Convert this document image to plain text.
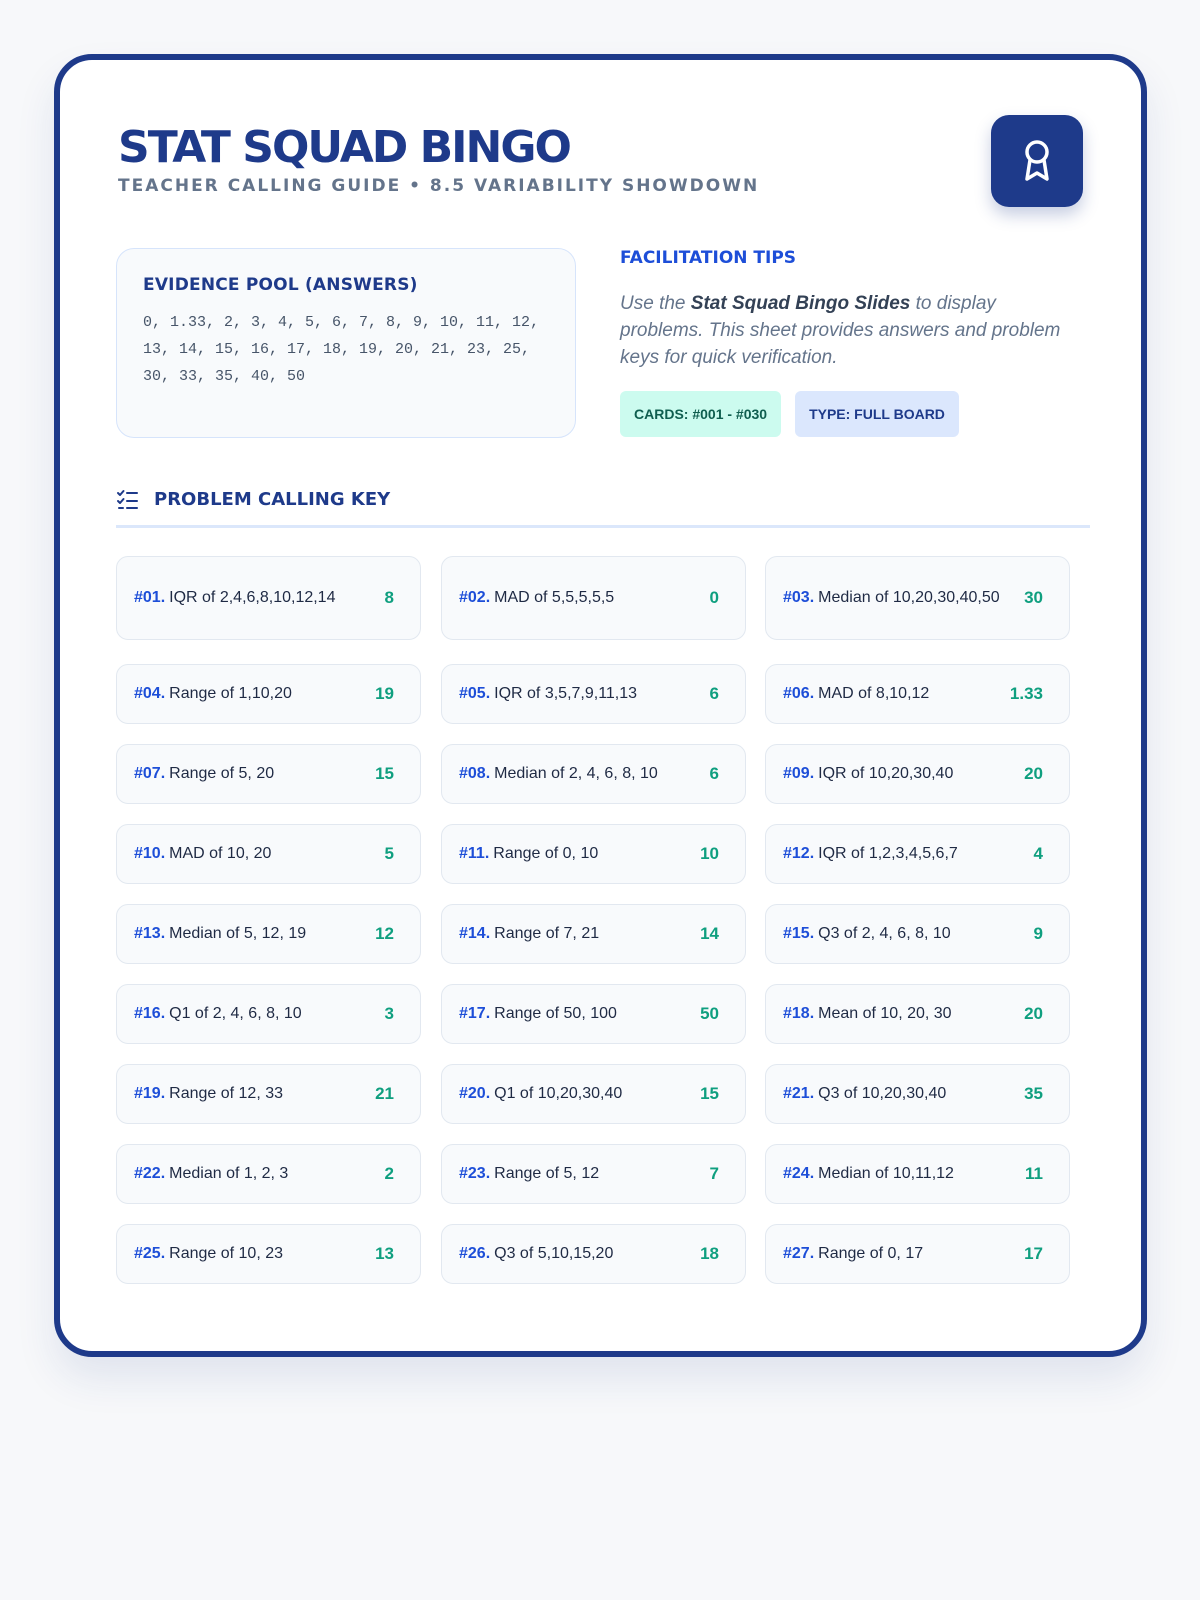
STAT SQUAD BINGO
TEACHER CALLING GUIDE • 8.5 VARIABILITY SHOWDOWN
EVIDENCE POOL (ANSWERS)
0, 1.33, 2, 3, 4, 5, 6, 7, 8, 9, 10, 11, 12, 13, 14, 15, 16, 17, 18, 19, 20, 21, 23, 25, 30, 33, 35, 40, 50
FACILITATION TIPS
Use the Stat Squad Bingo Slides to display problems. This sheet provides answers and problem keys for quick verification.
CARDS: #001 - #030	TYPE: FULL BOARD
PROBLEM CALLING KEY
#01. IQR of 2,4,6,8,10,12,14	8	#02. MAD of 5,5,5,5,5	0	#03. Median of 10,20,30,40,50	30
#04. Range of 1,10,20	19	#05. IQR of 3,5,7,9,11,13	6	#06. MAD of 8,10,12	1.33
#07. Range of 5, 20	15	#08. Median of 2, 4, 6, 8, 10	6	#09. IQR of 10,20,30,40	20
#10. MAD of 10, 20	5	#11. Range of 0, 10	10	#12. IQR of 1,2,3,4,5,6,7	4
#13. Median of 5, 12, 19	12	#14. Range of 7, 21	14	#15. Q3 of 2, 4, 6, 8, 10	9
#16. Q1 of 2, 4, 6, 8, 10	3	#17. Range of 50, 100	50	#18. Mean of 10, 20, 30	20
#19. Range of 12, 33	21	#20. Q1 of 10,20,30,40	15	#21. Q3 of 10,20,30,40	35
#22. Median of 1, 2, 3	2	#23. Range of 5, 12	7	#24. Median of 10,11,12	11
#25. Range of 10, 23	13	#26. Q3 of 5,10,15,20	18	#27. Range of 0, 17	17
